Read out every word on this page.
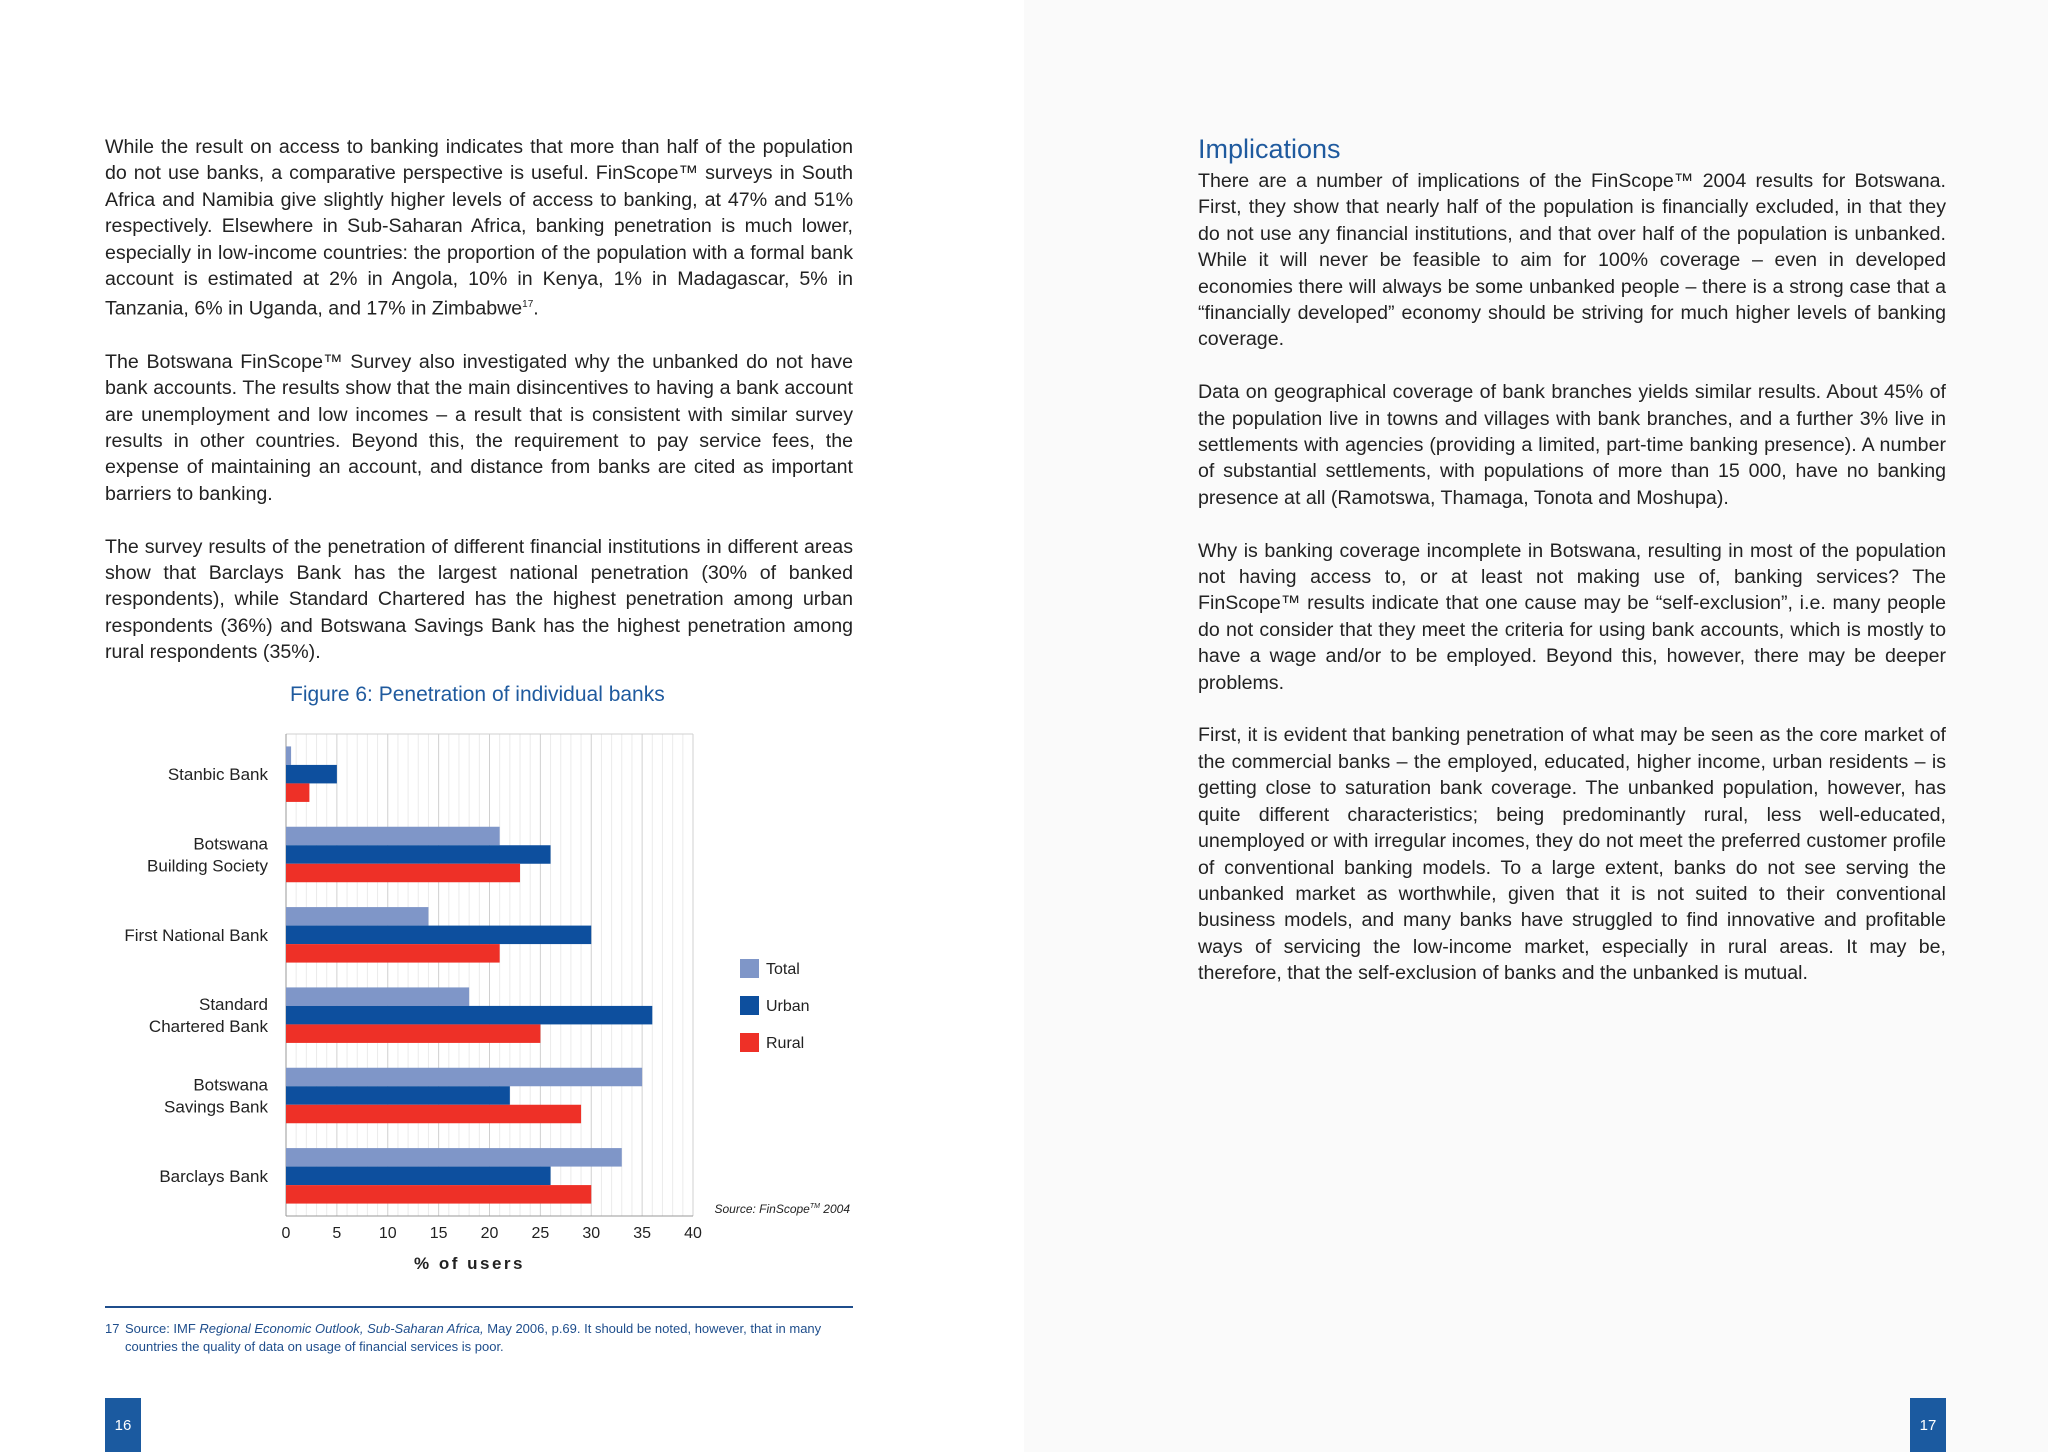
While the result on access to banking indicates that more than half of the population do not use banks, a comparative perspective is useful. FinScope™ surveys in South Africa and Namibia give slightly higher levels of access to banking, at 47% and 51% respectively. Elsewhere in Sub-Saharan Africa, banking penetration is much lower, especially in low-income countries: the proportion of the population with a formal bank account is estimated at 2% in Angola, 10% in Kenya, 1% in Madagascar, 5% in Tanzania, 6% in Uganda, and 17% in Zimbabwe$^{17}$.

The Botswana FinScope™ Survey also investigated why the unbanked do not have bank accounts. The results show that the main disincentives to having a bank account are unemployment and low incomes – a result that is consistent with similar survey results in other countries. Beyond this, the requirement to pay service fees, the expense of maintaining an account, and distance from banks are cited as important barriers to banking.

The survey results of the penetration of different financial institutions in different areas show that Barclays Bank has the largest national penetration (30% of banked respondents), while Standard Chartered has the highest penetration among urban respondents (36%) and Botswana Savings Bank has the highest penetration among rural respondents (35%).

Figure 6: Penetration of individual banks
Stanbic Bank
Botswana Building Society
First National Bank
Standard Chartered Bank
Botswana Savings Bank
Barclays Bank
0	5 10 15 20 25 30 35 40
% of users
Source: FinScope™ 2004
Total
Urban
Rural
17 Source: IMF Regional Economic Outlook, Sub-Saharan Africa, May 2006, p.69. It should be noted, however, that in many
countries the quality of data on usage of financial services is poor.
16
Implications

There are a number of implications of the FinScope™ 2004 results for Botswana. First, they show that nearly half of the population is financially excluded, in that they do not use any financial institutions, and that over half of the population is unbanked. While it will never be feasible to aim for 100% coverage – even in developed economies there will always be some unbanked people – there is a strong case that a “financially developed” economy should be striving for much higher levels of banking coverage.

Data on geographical coverage of bank branches yields similar results. About 45% of the population live in towns and villages with bank branches, and a further 3% live in settlements with agencies (providing a limited, part-time banking presence). A number of substantial settlements, with populations of more than 15 000, have no banking presence at all (Ramotswa, Thamaga, Tonota and Moshupa).

Why is banking coverage incomplete in Botswana, resulting in most of the population not having access to, or at least not making use of, banking services? The FinScope™ results indicate that one cause may be “self-exclusion”, i.e. many people do not consider that they meet the criteria for using bank accounts, which is mostly to have a wage and/or to be employed. Beyond this, however, there may be deeper problems.

First, it is evident that banking penetration of what may be seen as the core market of the commercial banks – the employed, educated, higher income, urban residents – is getting close to saturation bank coverage. The unbanked population, however, has quite different characteristics; being predominantly rural, less well-educated, unemployed or with irregular incomes, they do not meet the preferred customer profile of conventional banking models. To a large extent, banks do not see serving the unbanked market as worthwhile, given that it is not suited to their conventional business models, and many banks have struggled to find innovative and profitable ways of servicing the low-income market, especially in rural areas. It may be, therefore, that the self-exclusion of banks and the unbanked is mutual.

17
